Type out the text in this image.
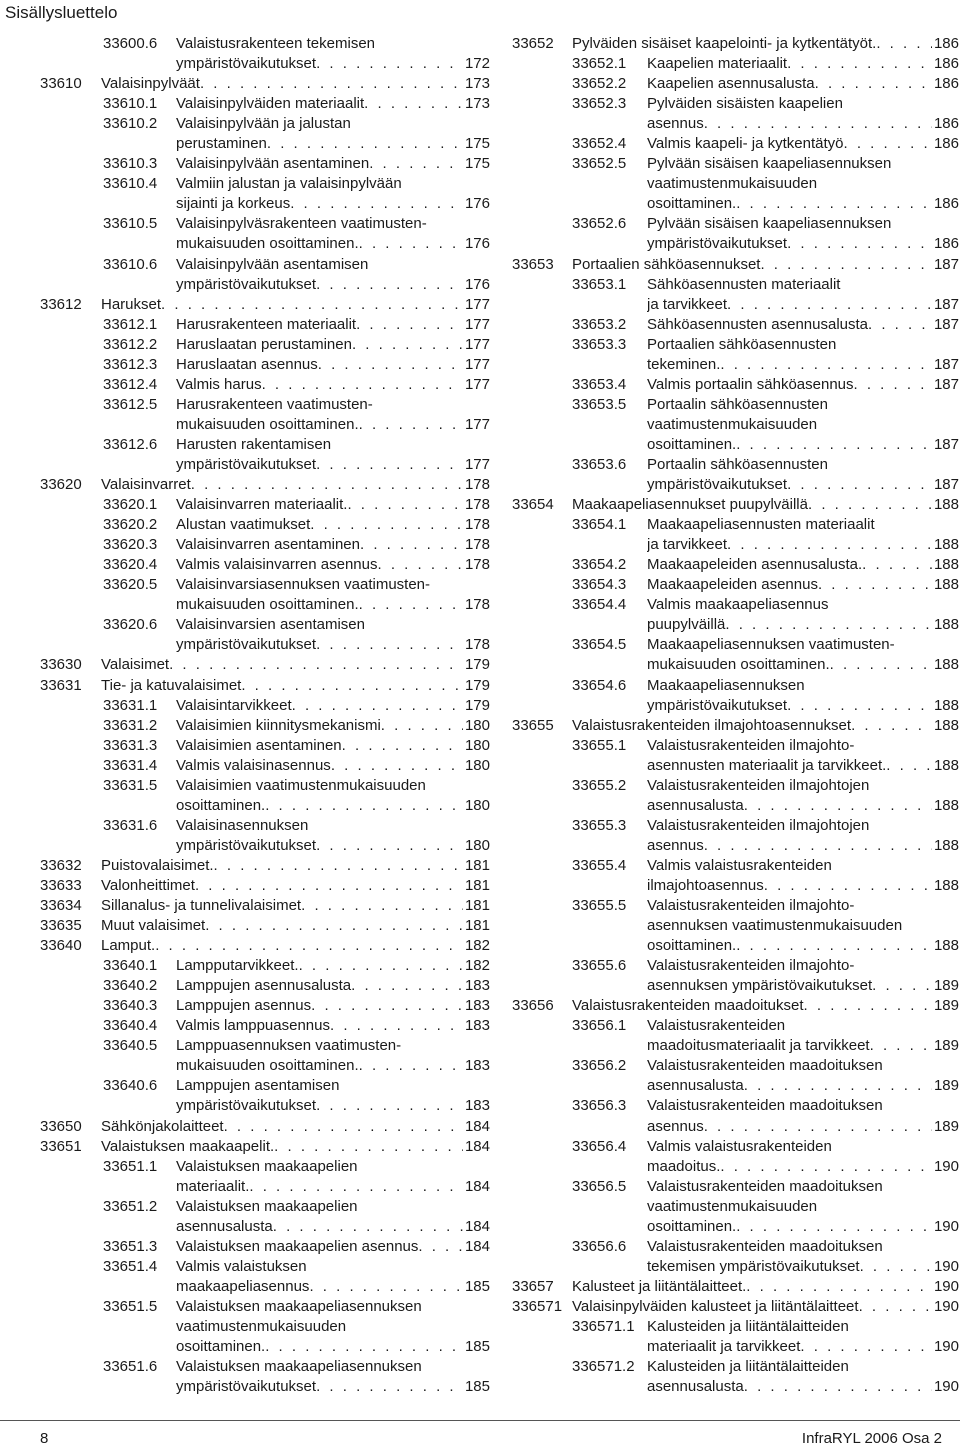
Sisällysluettelo
33600.6 Valaistusrakenteen tekemisen
ympäristövaikutukset . . .	172
33610 Valaisinpylväät . . .	173
33610.1 Valaisinpylväiden materiaalit . . .	173
33610.2 Valaisinpylvään ja jalustan
perustaminen . . .	175
33610.3 Valaisinpylvään asentaminen . . .	175
33610.4 Valmiin jalustan ja valaisinpylvään
sijainti ja korkeus . . .	176
33610.5 Valaisinpylväsrakenteen vaatimusten-
mukaisuuden osoittaminen. . . .	176
33610.6 Valaisinpylvään asentamisen
ympäristövaikutukset . . .	176
33612 Harukset . . .	177
33612.1 Harusrakenteen materiaalit . . .	177
33612.2 Haruslaatan perustaminen . . .	177
33612.3 Haruslaatan asennus . . .	177
33612.4 Valmis harus . . .	177
33612.5 Harusrakenteen vaatimusten-
mukaisuuden osoittaminen. . . .	177
33612.6 Harusten rakentamisen
ympäristövaikutukset . . .	177
33620 Valaisinvarret . . .	178
33620.1 Valaisinvarren materiaalit. . . .	178
33620.2 Alustan vaatimukset . . .	178
33620.3 Valaisinvarren asentaminen . . .	178
33620.4 Valmis valaisinvarren asennus . . .	178
33620.5 Valaisinvarsiasennuksen vaatimusten-
mukaisuuden osoittaminen. . . .	178
33620.6 Valaisinvarsien asentamisen
ympäristövaikutukset . . .	178
33630 Valaisimet . . .	179
33631 Tie- ja katuvalaisimet . . .	179
33631.1 Valaisintarvikkeet . . .	179
33631.2 Valaisimien kiinnitysmekanismi . . .	180
33631.3 Valaisimien asentaminen . . .	180
33631.4 Valmis valaisinasennus . . .	180
33631.5 Valaisimien vaatimustenmukaisuuden
osoittaminen. . . .	180
33631.6 Valaisinasennuksen
ympäristövaikutukset . . .	180
33632 Puistovalaisimet. . . .	181
33633 Valonheittimet . . .	181
33634 Sillanalus- ja tunnelivalaisimet . . .	181
33635 Muut valaisimet . . .	181
33640 Lamput. . . .	182
33640.1 Lampputarvikkeet. . . .	182
33640.2 Lamppujen asennusalusta . . .	183
33640.3 Lamppujen asennus . . .	183
33640.4 Valmis lamppuasennus . . .	183
33640.5 Lamppuasennuksen vaatimusten-
mukaisuuden osoittaminen. . . .	183
33640.6 Lamppujen asentamisen
ympäristövaikutukset . . .	183
33650 Sähkönjakolaitteet . . .	184
33651 Valaistuksen maakaapelit. . . .	184
33651.1 Valaistuksen maakaapelien
materiaalit. . . .	184
33651.2 Valaistuksen maakaapelien
asennusalusta . . .	184
33651.3 Valaistuksen maakaapelien asennus . . .	184
33651.4 Valmis valaistuksen
maakaapeliasennus . . .	185
33651.5 Valaistuksen maakaapeliasennuksen
vaatimustenmukaisuuden
osoittaminen. . . .	185
33651.6 Valaistuksen maakaapeliasennuksen
ympäristövaikutukset . . .	185
33652 Pylväiden sisäiset kaapelointi- ja kytkentätyöt. . . .	186
33652.1 Kaapelien materiaalit . . .	186
33652.2 Kaapelien asennusalusta . . .	186
33652.3 Pylväiden sisäisten kaapelien
asennus . . .	186
33652.4 Valmis kaapeli- ja kytkentätyö . . .	186
33652.5 Pylvään sisäisen kaapeliasennuksen
vaatimustenmukaisuuden
osoittaminen. . . .	186
33652.6 Pylvään sisäisen kaapeliasennuksen
ympäristövaikutukset . . .	186
33653 Portaalien sähköasennukset . . .	187
33653.1 Sähköasennusten materiaalit
ja tarvikkeet . . .	187
33653.2 Sähköasennusten asennusalusta . . .	187
33653.3 Portaalien sähköasennusten
tekeminen. . . .	187
33653.4 Valmis portaalin sähköasennus . . .	187
33653.5 Portaalin sähköasennusten
vaatimustenmukaisuuden
osoittaminen. . . .	187
33653.6 Portaalin sähköasennusten
ympäristövaikutukset . . .	187
33654 Maakaapeliasennukset puupylväillä . . .	188
33654.1 Maakaapeliasennusten materiaalit
ja tarvikkeet . . .	188
33654.2 Maakaapeleiden asennusalusta. . . .	188
33654.3 Maakaapeleiden asennus . . .	188
33654.4 Valmis maakaapeliasennus
puupylväillä . . .	188
33654.5 Maakaapeliasennuksen vaatimusten-
mukaisuuden osoittaminen. . . .	188
33654.6 Maakaapeliasennuksen
ympäristövaikutukset . . .	188
33655 Valaistusrakenteiden ilmajohtoasennukset . . .	188
33655.1 Valaistusrakenteiden ilmajohto-
asennusten materiaalit ja tarvikkeet. . . .	188
33655.2 Valaistusrakenteiden ilmajohtojen
asennusalusta . . .	188
33655.3 Valaistusrakenteiden ilmajohtojen
asennus . . .	188
33655.4 Valmis valaistusrakenteiden
ilmajohtoasennus . . .	188
33655.5 Valaistusrakenteiden ilmajohto-
asennuksen vaatimustenmukaisuuden
osoittaminen. . . .	188
33655.6 Valaistusrakenteiden ilmajohto-
asennuksen ympäristövaikutukset . . .	189
33656 Valaistusrakenteiden maadoitukset . . .	189
33656.1 Valaistusrakenteiden
maadoitusmateriaalit ja tarvikkeet . . .	189
33656.2 Valaistusrakenteiden maadoituksen
asennusalusta . . .	189
33656.3 Valaistusrakenteiden maadoituksen
asennus . . .	189
33656.4 Valmis valaistusrakenteiden
maadoitus. . . .	190
33656.5 Valaistusrakenteiden maadoituksen
vaatimustenmukaisuuden
osoittaminen. . . .	190
33656.6 Valaistusrakenteiden maadoituksen
tekemisen ympäristövaikutukset . . .	190
33657 Kalusteet ja liitäntälaitteet. . . .	190
336571 Valaisinpylväiden kalusteet ja liitäntälaitteet . . .	190
336571.1 Kalusteiden ja liitäntälaitteiden
materiaalit ja tarvikkeet . . .	190
336571.2 Kalusteiden ja liitäntälaitteiden
asennusalusta . . .	190
8	InfraRYL 2006 Osa 2
